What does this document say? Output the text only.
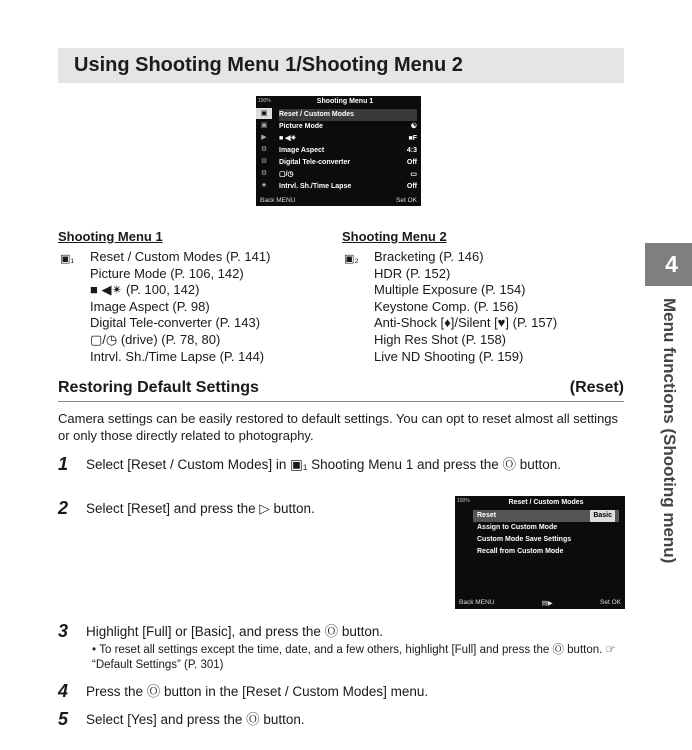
Using Shooting Menu 1/Shooting Menu 2
100%
▣
▣
▶
⚙
⚙
⚙
★
Shooting Menu 1
Reset / Custom Modes
Picture Mode	☯
■ ◀✴	■F
Image Aspect	4:3
Digital Tele-converter	Off
▢/◷	▭
Intrvl. Sh./Time Lapse	Off
Back MENU	Set OK
Shooting Menu 1
▣₁ Reset / Custom Modes (P. 141)
Picture Mode (P. 106, 142)
■ ◀✴ (P. 100, 142)
Image Aspect (P. 98)
Digital Tele-converter (P. 143)
▢/◷ (drive) (P. 78, 80)
Intrvl. Sh./Time Lapse (P. 144)
Shooting Menu 2
▣₂ Bracketing (P. 146)
HDR (P. 152)
Multiple Exposure (P. 154)
Keystone Comp. (P. 156)
Anti-Shock [♦]/Silent [♥] (P. 157)
High Res Shot (P. 158)
Live ND Shooting (P. 159)
Restoring Default Settings	(Reset)
Camera settings can be easily restored to default settings. You can opt to reset almost all settings or only those directly related to photography.
1 Select [Reset / Custom Modes] in ▣₁ Shooting Menu 1 and press the Ⓞ button.
2 Select [Reset] and press the ▷ button.	100%	Reset / Custom Modes
Reset	Basic
Assign to Custom Mode
Custom Mode Save Settings
Recall from Custom Mode
Back MENU	▤▶	Set OK
3 Highlight [Full] or [Basic], and press the Ⓞ button.
• To reset all settings except the time, date, and a few others, highlight [Full] and press the Ⓞ button. ☞ “Default Settings” (P. 301)
4 Press the Ⓞ button in the [Reset / Custom Modes] menu.
5 Select [Yes] and press the Ⓞ button.
4
Menu functions (Shooting menu)
